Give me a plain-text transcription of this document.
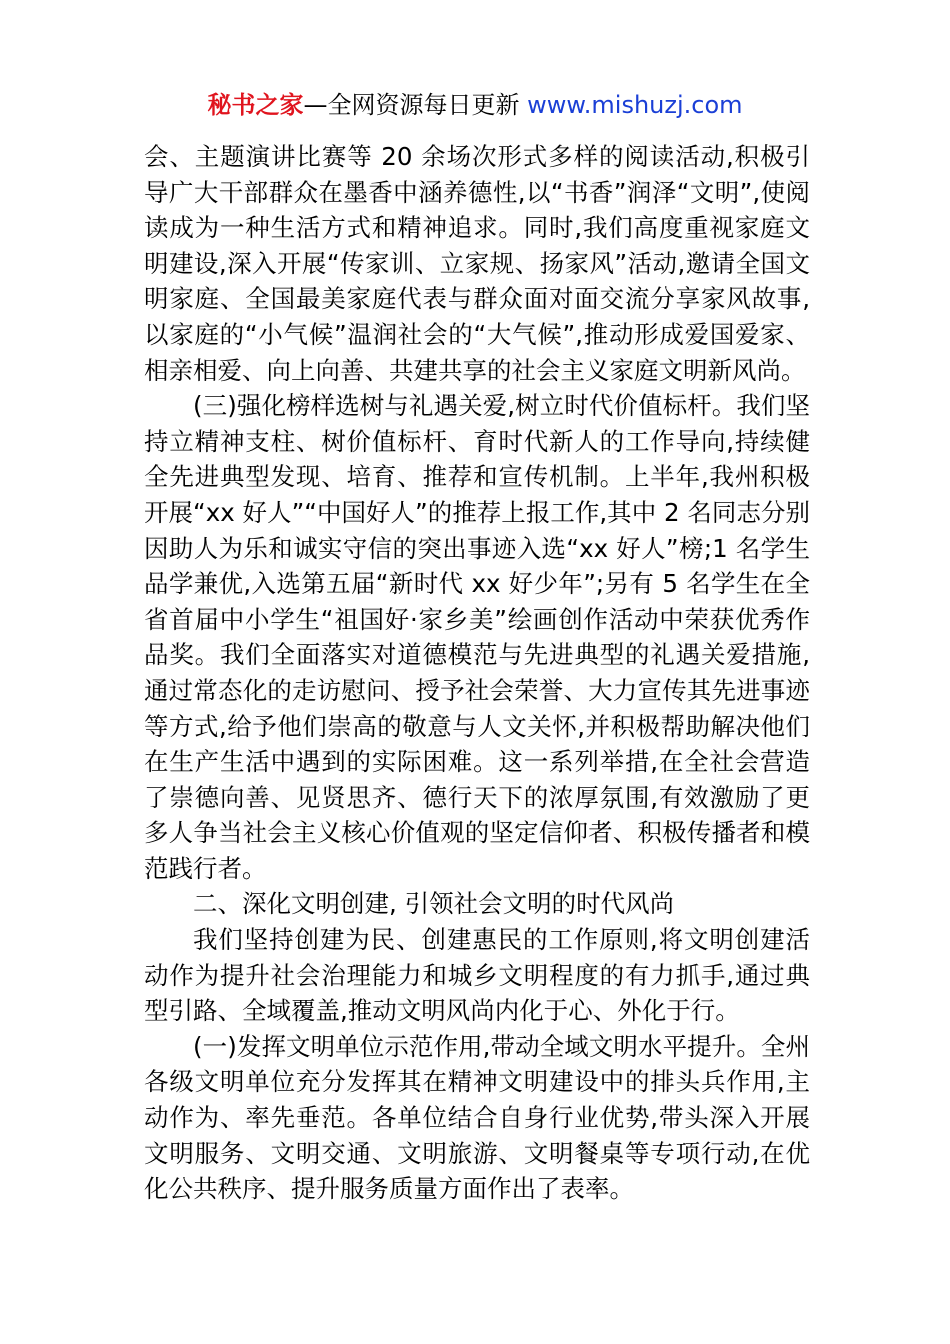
秘书之家—全网资源每日更新 www.mishuzj.com

会、主题演讲比赛等 20 余场次形式多样的阅读活动,积极引导广大干部群众在墨香中涵养德性,以“书香”润泽“文明”,使阅读成为一种生活方式和精神追求。同时,我们高度重视家庭文明建设,深入开展“传家训、立家规、扬家风”活动,邀请全国文明家庭、全国最美家庭代表与群众面对面交流分享家风故事,以家庭的“小气候”温润社会的“大气候”,推动形成爱国爱家、相亲相爱、向上向善、共建共享的社会主义家庭文明新风尚。

(三)强化榜样选树与礼遇关爱,树立时代价值标杆。我们坚持立精神支柱、树价值标杆、育时代新人的工作导向,持续健全先进典型发现、培育、推荐和宣传机制。上半年,我州积极开展“xx 好人”“中国好人”的推荐上报工作,其中 2 名同志分别因助人为乐和诚实守信的突出事迹入选“xx 好人”榜;1 名学生品学兼优,入选第五届“新时代 xx 好少年”;另有 5 名学生在全省首届中小学生“祖国好·家乡美”绘画创作活动中荣获优秀作品奖。我们全面落实对道德模范与先进典型的礼遇关爱措施,通过常态化的走访慰问、授予社会荣誉、大力宣传其先进事迹等方式,给予他们崇高的敬意与人文关怀,并积极帮助解决他们在生产生活中遇到的实际困难。这一系列举措,在全社会营造了崇德向善、见贤思齐、德行天下的浓厚氛围,有效激励了更多人争当社会主义核心价值观的坚定信仰者、积极传播者和模范践行者。

二、深化文明创建, 引领社会文明的时代风尚

我们坚持创建为民、创建惠民的工作原则,将文明创建活动作为提升社会治理能力和城乡文明程度的有力抓手,通过典型引路、全域覆盖,推动文明风尚内化于心、外化于行。

(一)发挥文明单位示范作用,带动全域文明水平提升。全州各级文明单位充分发挥其在精神文明建设中的排头兵作用,主动作为、率先垂范。各单位结合自身行业优势,带头深入开展文明服务、文明交通、文明旅游、文明餐桌等专项行动,在优化公共秩序、提升服务质量方面作出了表率。
